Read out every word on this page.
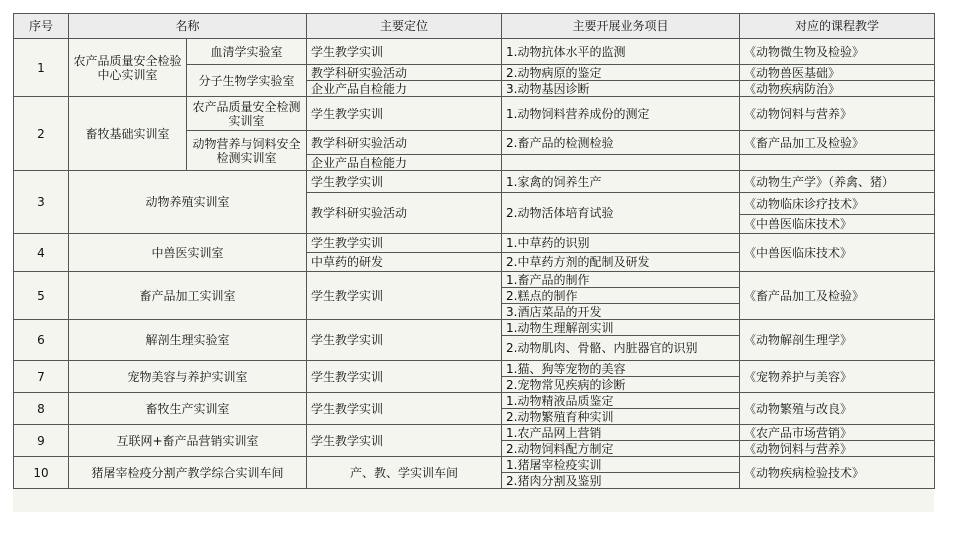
序号	名称		主要定位	主要开展业务项目	对应的课程教学
1	农产品质量安全检验中心实训室	血清学实验室	学生教学实训	1.动物抗体水平的监测	《动物微生物及检验》
		分子生物学实验室	教学科研实验活动	2.动物病原的鉴定	《动物兽医基础》
			企业产品自检能力	3.动物基因诊断	《动物疾病防治》
2	畜牧基础实训室	农产品质量安全检测实训室	学生教学实训	1.动物饲料营养成份的测定	《动物饲料与营养》
		动物营养与饲料安全检测实训室	教学科研实验活动	2.畜产品的检测检验	《畜产品加工及检验》
			企业产品自检能力		
3	动物养殖实训室		学生教学实训	1.家禽的饲养生产	《动物生产学》（养禽、猪）
			教学科研实验活动	2.动物活体培育试验	《动物临床诊疗技术》
					《中兽医临床技术》
4	中兽医实训室		学生教学实训	1.中草药的识别	《中兽医临床技术》
			中草药的研发	2.中草药方剂的配制及研发	
5	畜产品加工实训室		学生教学实训	1.畜产品的制作	《畜产品加工及检验》
				2.糕点的制作	
				3.酒店菜品的开发	
6	解剖生理实验室		学生教学实训	1.动物生理解剖实训	《动物解剖生理学》
				2.动物肌肉、骨骼、内脏器官的识别	
7	宠物美容与养护实训室		学生教学实训	1.猫、狗等宠物的美容	《宠物养护与美容》
				2.宠物常见疾病的诊断	
8	畜牧生产实训室		学生教学实训	1.动物精液品质鉴定	《动物繁殖与改良》
				2.动物繁殖育种实训	
9	互联网+畜产品营销实训室		学生教学实训	1.农产品网上营销	《农产品市场营销》
				2.动物饲料配方制定	《动物饲料与营养》
10	猪屠宰检疫分割产教学综合实训车间		产、教、学实训车间	1.猪屠宰检疫实训	《动物疾病检验技术》
				2.猪肉分割及鉴别	
